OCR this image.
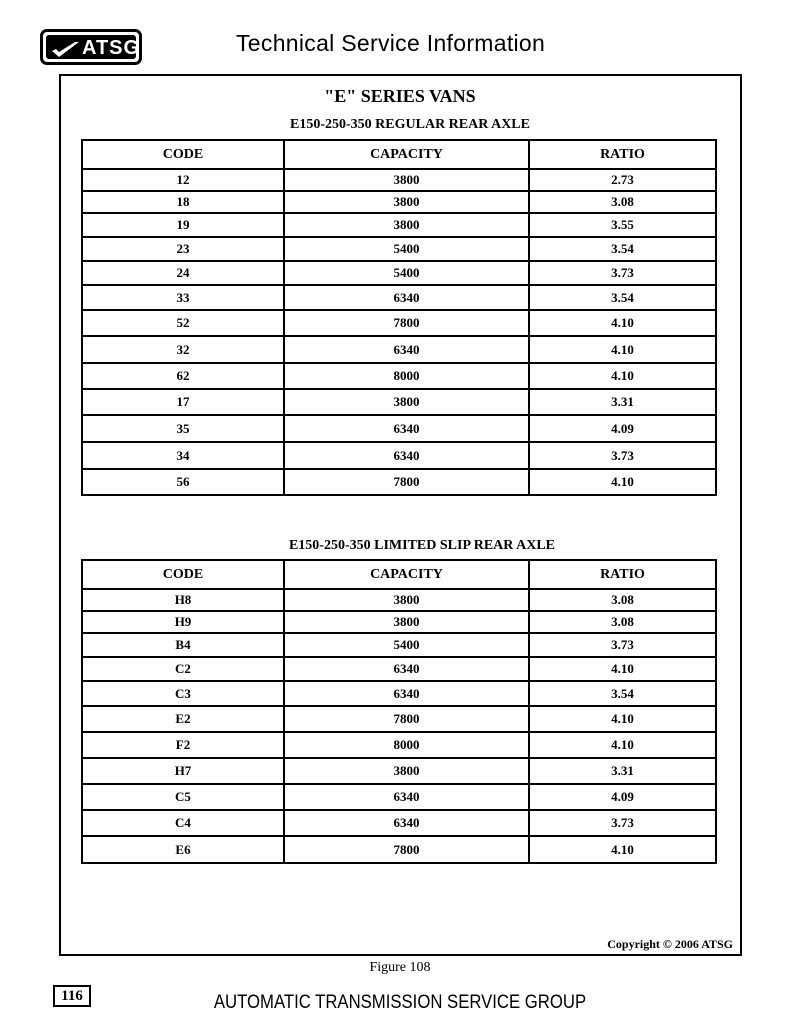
ATSG	Technical Service Information
"E" SERIES VANS
E150-250-350 REGULAR REAR AXLE
CODE	CAPACITY	RATIO
12	3800	2.73
18	3800	3.08
19	3800	3.55
23	5400	3.54
24	5400	3.73
33	6340	3.54
52	7800	4.10
32	6340	4.10
62	8000	4.10
17	3800	3.31
35	6340	4.09
34	6340	3.73
56	7800	4.10
E150-250-350 LIMITED SLIP REAR AXLE
CODE	CAPACITY	RATIO
H8	3800	3.08
H9	3800	3.08
B4	5400	3.73
C2	6340	4.10
C3	6340	3.54
E2	7800	4.10
F2	8000	4.10
H7	3800	3.31
C5	6340	4.09
C4	6340	3.73
E6	7800	4.10
Copyright © 2006 ATSG
Figure 108
116	AUTOMATIC TRANSMISSION SERVICE GROUP
